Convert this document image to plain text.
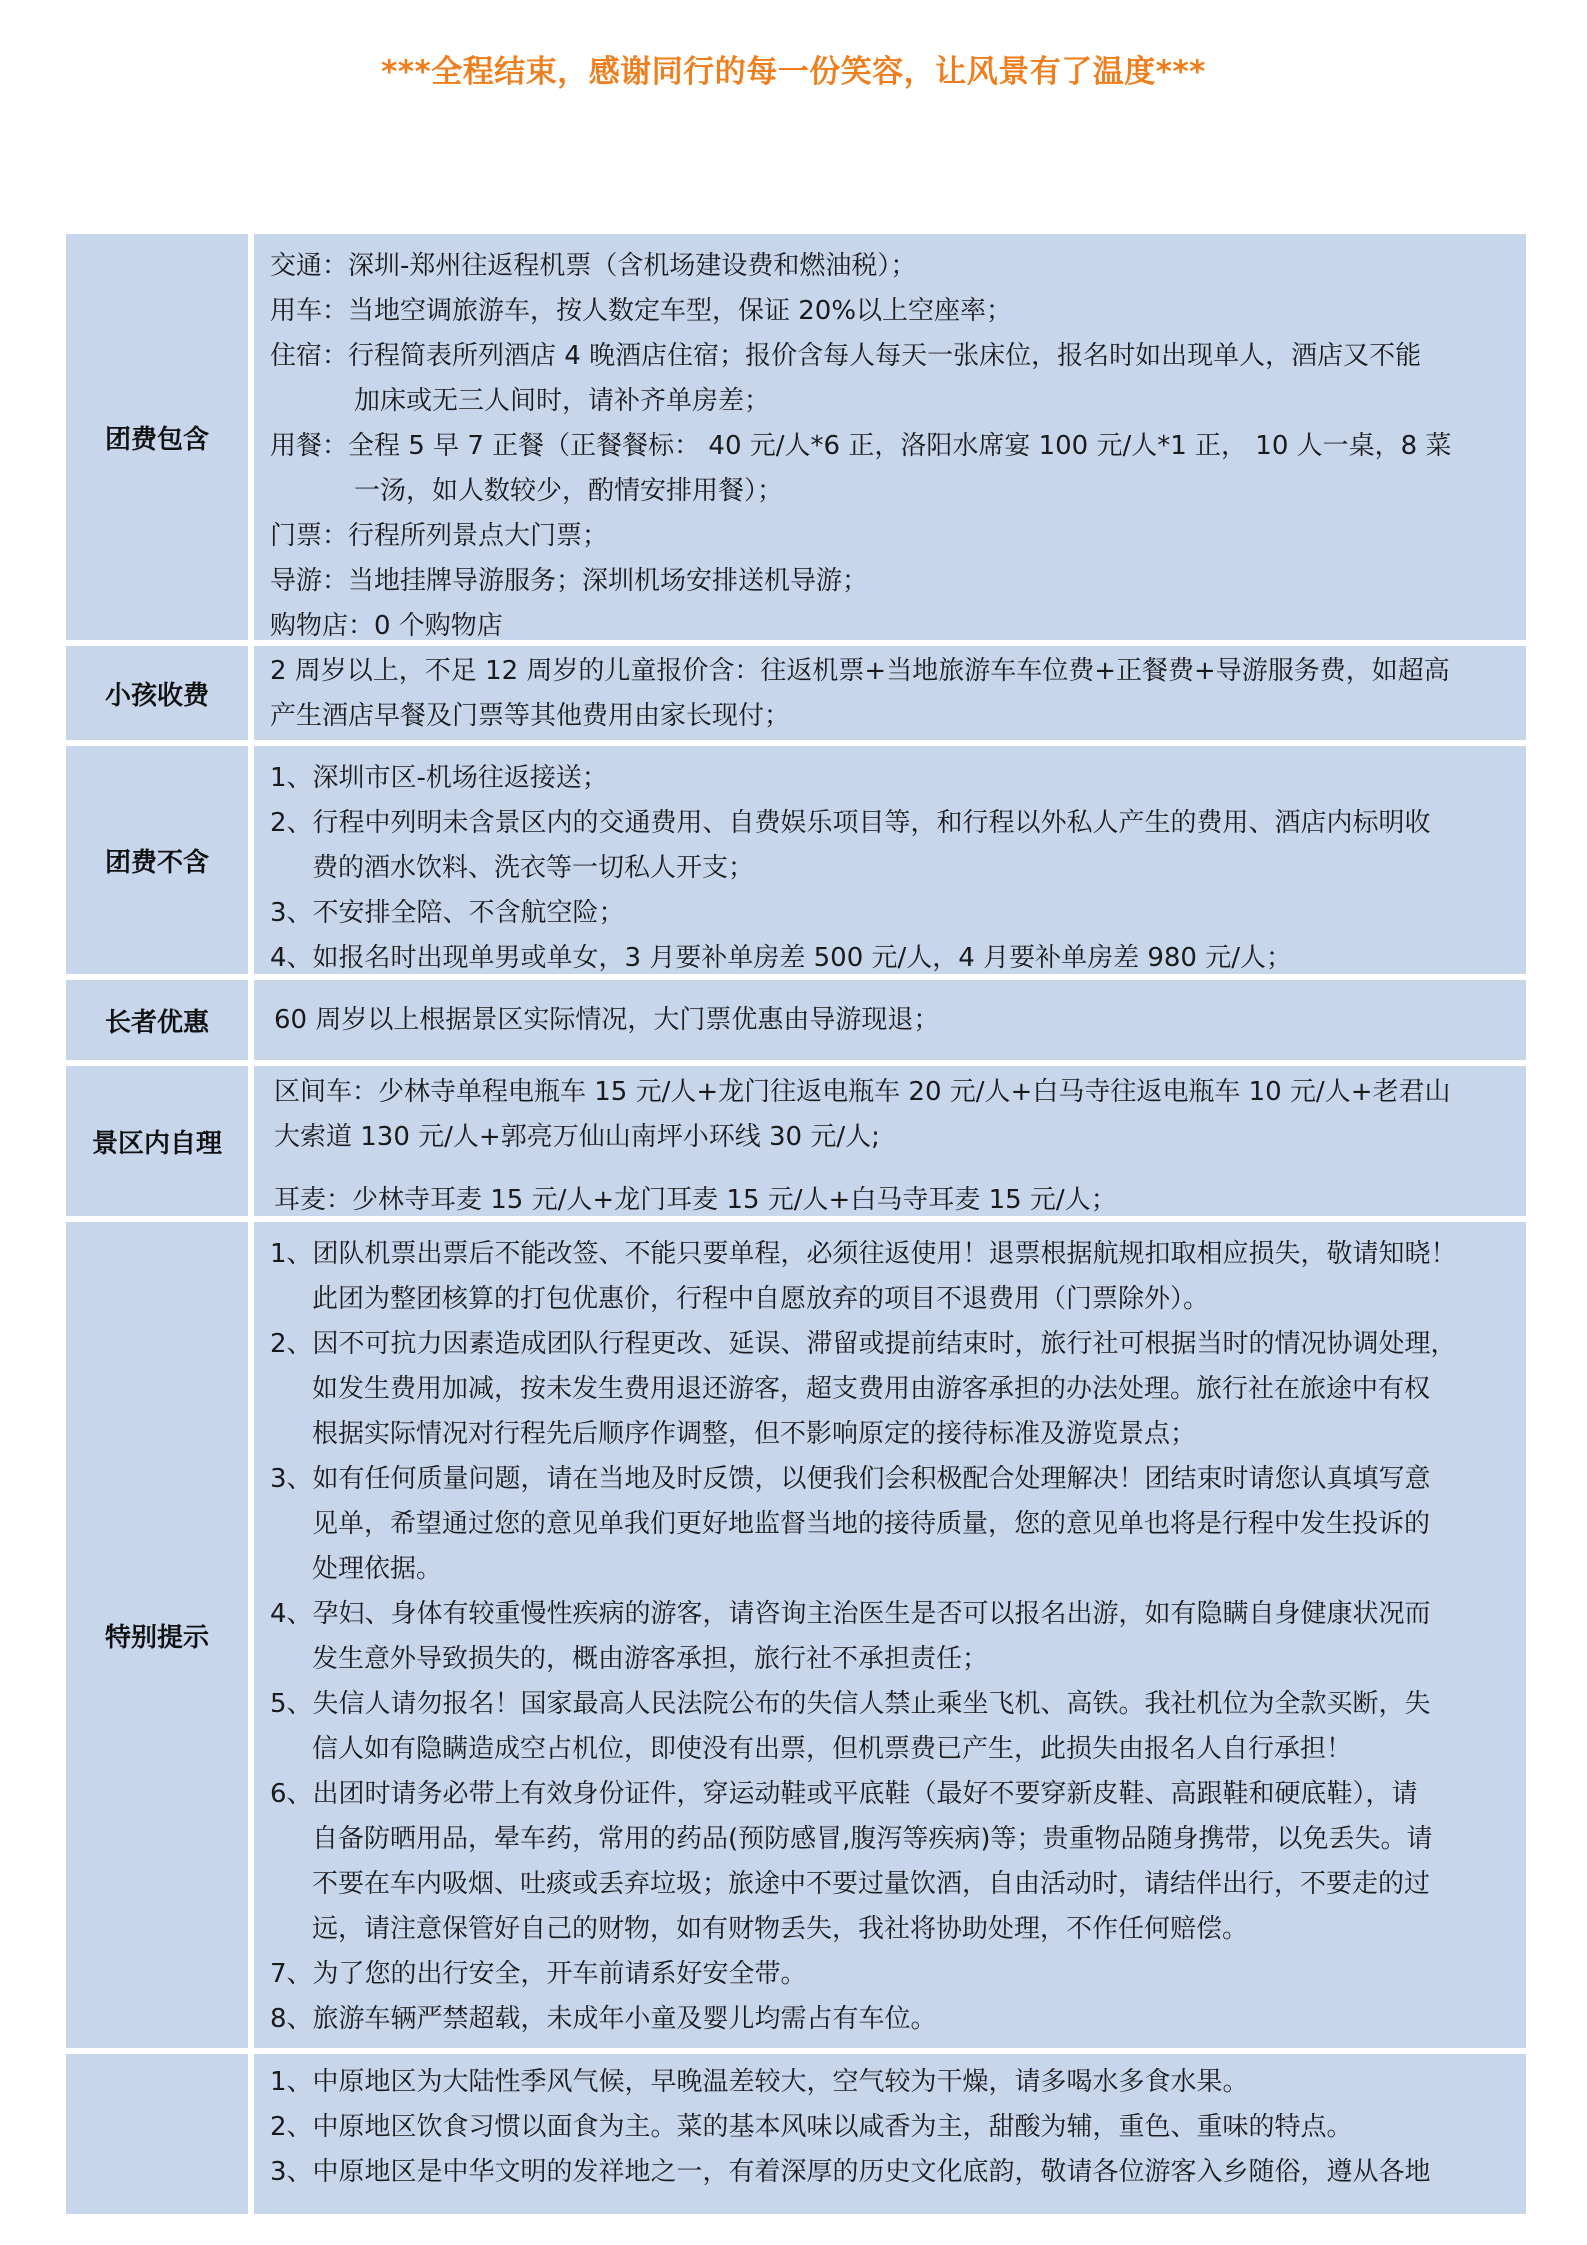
***全程结束，感谢同行的每一份笑容，让风景有了温度***
团费包含
交通：深圳-郑州往返程机票（含机场建设费和燃油税）；
用车：当地空调旅游车，按人数定车型，保证 20%以上空座率；
住宿：行程简表所列酒店 4 晚酒店住宿；报价含每人每天一张床位，报名时如出现单人，酒店又不能
加床或无三人间时，请补齐单房差；
用餐：全程 5 早 7 正餐（正餐餐标： 40 元/人*6 正，洛阳水席宴 100 元/人*1 正， 10 人一桌，8 菜
一汤，如人数较少，酌情安排用餐）；
门票：行程所列景点大门票；
导游：当地挂牌导游服务；深圳机场安排送机导游；
购物店：0 个购物店
小孩收费
2 周岁以上，不足 12 周岁的儿童报价含：往返机票+当地旅游车车位费+正餐费+导游服务费，如超高
产生酒店早餐及门票等其他费用由家长现付；
团费不含
1、深圳市区-机场往返接送；
2、行程中列明未含景区内的交通费用、自费娱乐项目等，和行程以外私人产生的费用、酒店内标明收
费的酒水饮料、洗衣等一切私人开支；
3、不安排全陪、不含航空险；
4、如报名时出现单男或单女，3 月要补单房差 500 元/人，4 月要补单房差 980 元/人；
长者优惠	60 周岁以上根据景区实际情况，大门票优惠由导游现退；
景区内自理
区间车：少林寺单程电瓶车 15 元/人+龙门往返电瓶车 20 元/人+白马寺往返电瓶车 10 元/人+老君山
大索道 130 元/人+郭亮万仙山南坪小环线 30 元/人;
耳麦：少林寺耳麦 15 元/人+龙门耳麦 15 元/人+白马寺耳麦 15 元/人；
特别提示
1、团队机票出票后不能改签、不能只要单程，必须往返使用！退票根据航规扣取相应损失，敬请知晓！
此团为整团核算的打包优惠价，行程中自愿放弃的项目不退费用（门票除外）。
2、因不可抗力因素造成团队行程更改、延误、滞留或提前结束时，旅行社可根据当时的情况协调处理，
如发生费用加减，按未发生费用退还游客，超支费用由游客承担的办法处理。旅行社在旅途中有权
根据实际情况对行程先后顺序作调整，但不影响原定的接待标准及游览景点；
3、如有任何质量问题，请在当地及时反馈，以便我们会积极配合处理解决！团结束时请您认真填写意
见单，希望通过您的意见单我们更好地监督当地的接待质量，您的意见单也将是行程中发生投诉的
处理依据。
4、孕妇、身体有较重慢性疾病的游客，请咨询主治医生是否可以报名出游，如有隐瞒自身健康状况而
发生意外导致损失的，概由游客承担，旅行社不承担责任；
5、失信人请勿报名！国家最高人民法院公布的失信人禁止乘坐飞机、高铁。我社机位为全款买断，失
信人如有隐瞒造成空占机位，即使没有出票，但机票费已产生，此损失由报名人自行承担！
6、出团时请务必带上有效身份证件，穿运动鞋或平底鞋（最好不要穿新皮鞋、高跟鞋和硬底鞋），请
自备防晒用品，晕车药，常用的药品(预防感冒,腹泻等疾病)等；贵重物品随身携带，以免丢失。请
不要在车内吸烟、吐痰或丢弃垃圾；旅途中不要过量饮酒，自由活动时，请结伴出行，不要走的过
远，请注意保管好自己的财物，如有财物丢失，我社将协助处理，不作任何赔偿。
7、为了您的出行安全，开车前请系好安全带。
8、旅游车辆严禁超载，未成年小童及婴儿均需占有车位。
1、中原地区为大陆性季风气候，早晚温差较大，空气较为干燥，请多喝水多食水果。
2、中原地区饮食习惯以面食为主。菜的基本风味以咸香为主，甜酸为辅，重色、重味的特点。
3、中原地区是中华文明的发祥地之一，有着深厚的历史文化底韵，敬请各位游客入乡随俗，遵从各地
